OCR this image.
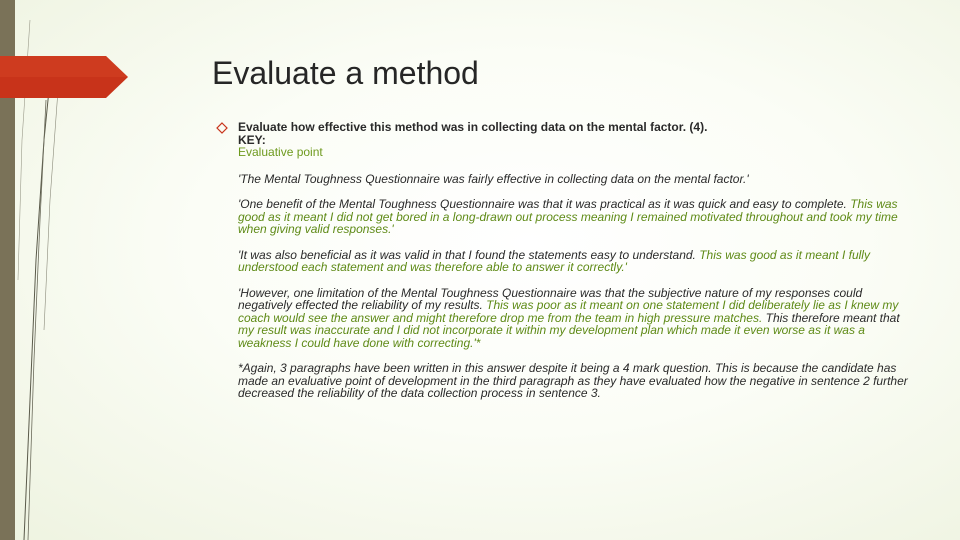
Evaluate a method

Evaluate how effective this method was in collecting data on the mental factor. (4).

KEY:

Evaluative point

'The Mental Toughness Questionnaire was fairly effective in collecting data on the mental factor.'

'One benefit of the Mental Toughness Questionnaire was that it was practical as it was quick and easy to complete. This was good as it meant I did not get bored in a long-drawn out process meaning I remained motivated throughout and took my time when giving valid responses.'

'It was also beneficial as it was valid in that I found the statements easy to understand. This was good as it meant I fully understood each statement and was therefore able to answer it correctly.'

'However, one limitation of the Mental Toughness Questionnaire was that the subjective nature of my responses could negatively effected the reliability of my results. This was poor as it meant on one statement I did deliberately lie as I knew my coach would see the answer and might therefore drop me from the team in high pressure matches. This therefore meant that my result was inaccurate and I did not incorporate it within my development plan which made it even worse as it was a weakness I could have done with correcting.'*

*Again, 3 paragraphs have been written in this answer despite it being a 4 mark question. This is because the candidate has made an evaluative point of development in the third paragraph as they have evaluated how the negative in sentence 2 further decreased the reliability of the data collection process in sentence 3.
